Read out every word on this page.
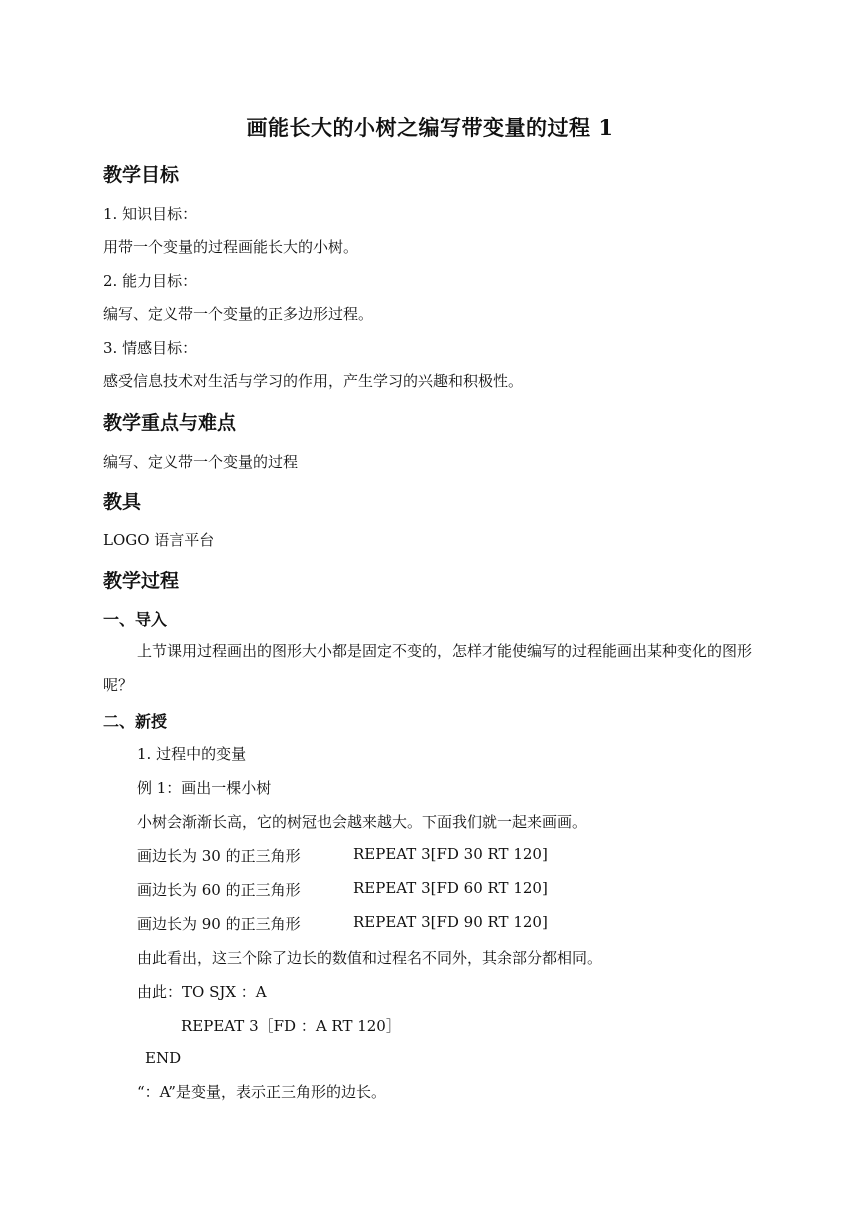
画能长大的小树之编写带变量的过程 1
教学目标
1. 知识目标：
用带一个变量的过程画能长大的小树。
2. 能力目标：
编写、定义带一个变量的正多边形过程。
3. 情感目标：
感受信息技术对生活与学习的作用，产生学习的兴趣和积极性。
教学重点与难点
编写、定义带一个变量的过程
教具
LOGO 语言平台
教学过程
一、导入
上节课用过程画出的图形大小都是固定不变的，怎样才能使编写的过程能画出某种变化的图形呢？
二、新授
1. 过程中的变量
例 1：画出一棵小树
小树会渐渐长高，它的树冠也会越来越大。下面我们就一起来画画。
画边长为 30 的正三角形	REPEAT 3[FD 30 RT 120]
画边长为 60 的正三角形	REPEAT 3[FD 60 RT 120]
画边长为 90 的正三角形	REPEAT 3[FD 90 RT 120]
由此看出，这三个除了边长的数值和过程名不同外，其余部分都相同。
由此：TO SJX ：A
REPEAT 3［FD ：A RT 120］
END
“：A”是变量，表示正三角形的边长。
